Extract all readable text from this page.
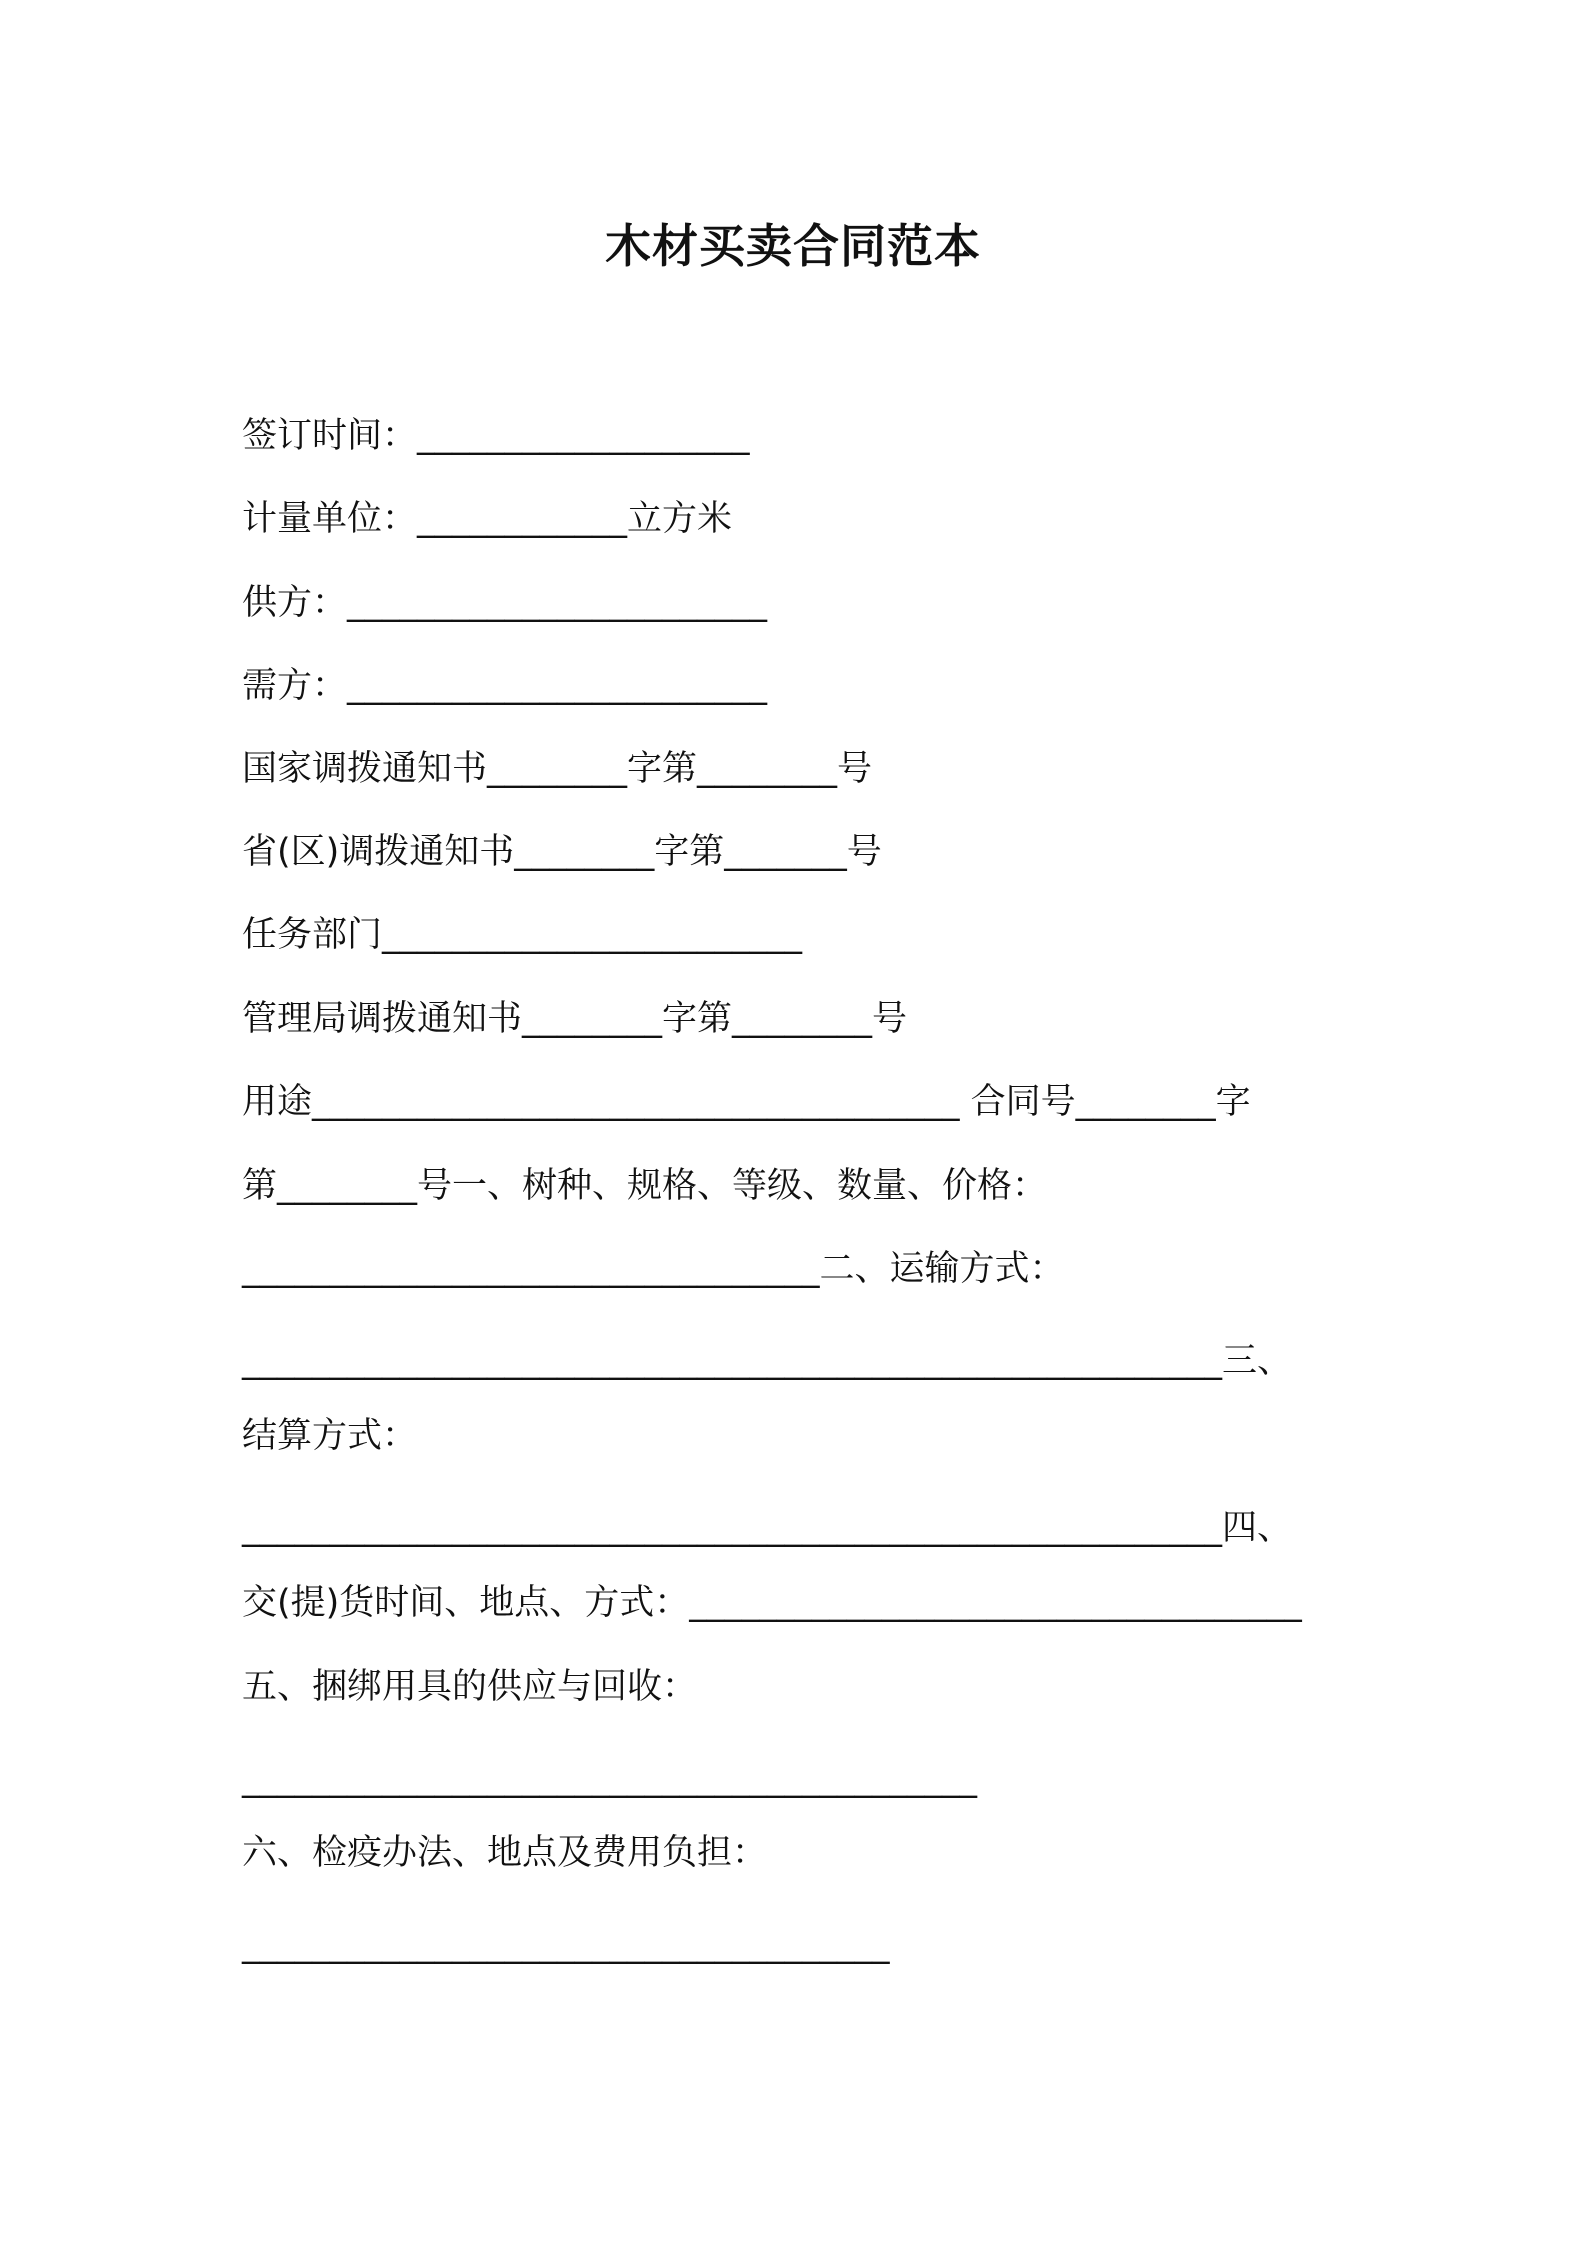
木材买卖合同范本
签订时间：___________________
计量单位：____________立方米
供方：________________________
需方：________________________
国家调拨通知书________字第________号
省(区)调拨通知书________字第_______号
任务部门________________________
管理局调拨通知书________字第________号
用途_____________________________________ 合同号________字
第________号一、树种、规格、等级、数量、价格：
_________________________________二、运输方式：
________________________________________________________三、
结算方式：
________________________________________________________四、
交(提)货时间、地点、方式：___________________________________
五、捆绑用具的供应与回收：
__________________________________________
六、检疫办法、地点及费用负担：
_____________________________________
